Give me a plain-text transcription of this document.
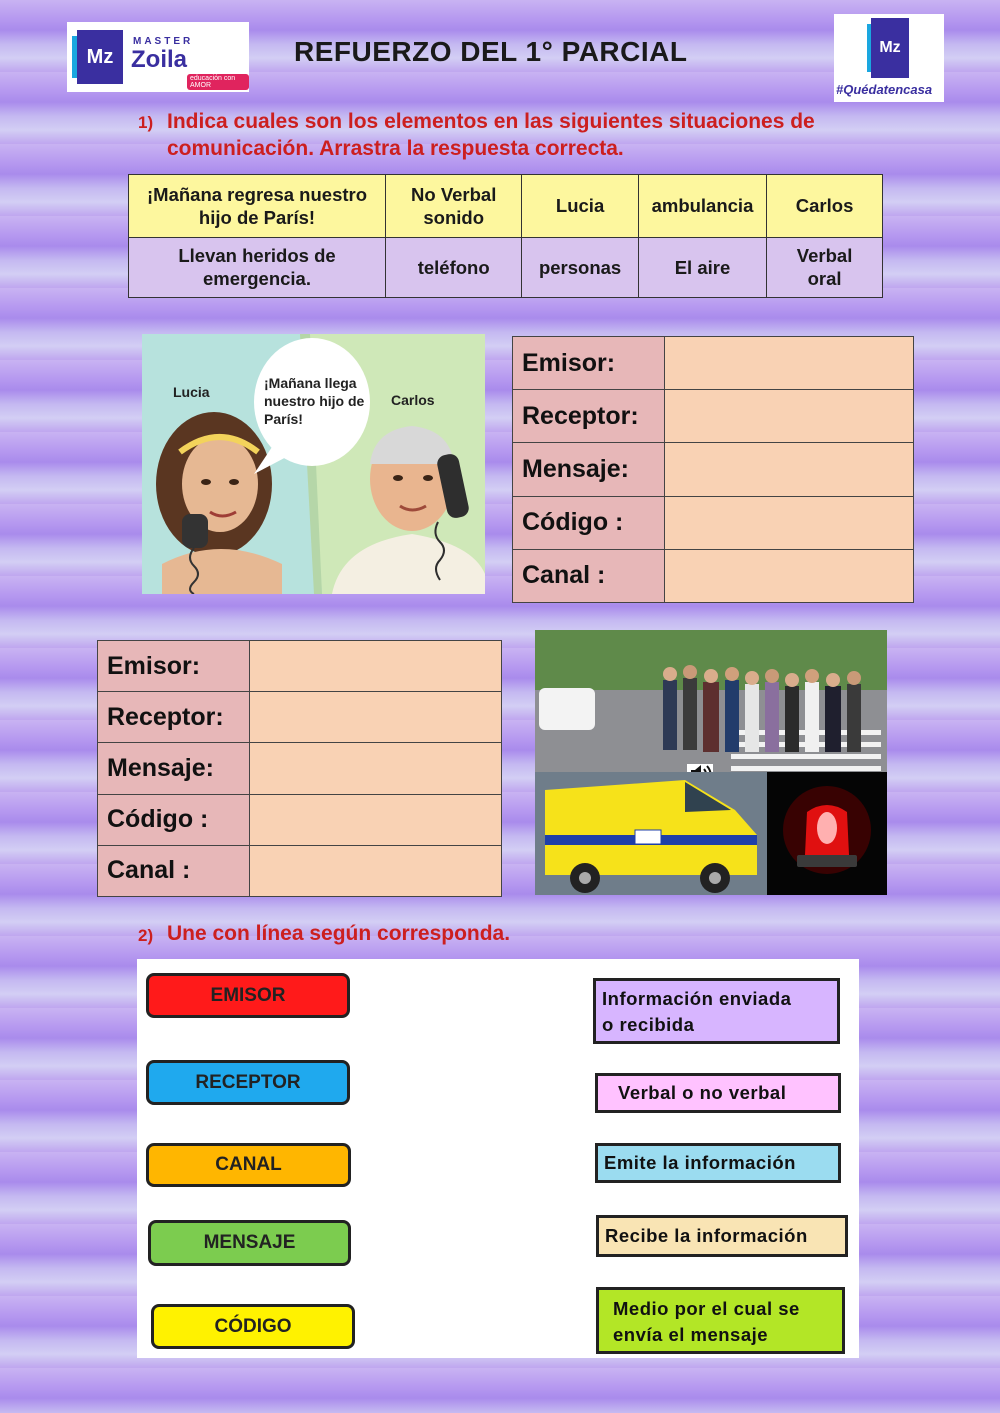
Mz
MASTER
Zoila
educación con AMOR
REFUERZO DEL 1° PARCIAL	Mz
#Quédatencasa
1) Indica cuales son los elementos en las siguientes situaciones de
comunicación. Arrastra la respuesta correcta.
¡Mañana regresa nuestro hijo de París!	No Verbal sonido	Lucia	ambulancia	Carlos
Llevan heridos de emergencia.	teléfono	personas	El aire	Verbal oral
Lucia	Carlos
¡Mañana llega nuestro hijo de París!
Emisor:	
Receptor:	
Mensaje:	
Código :	
Canal :	
Emisor:	
Receptor:	
Mensaje:	
Código :	
Canal :	
2) Une con línea según corresponda.
EMISOR
RECEPTOR
CANAL
MENSAJE
CÓDIGO
Información enviada
o recibida
Verbal o no verbal
Emite la información
Recibe la información
Medio por el cual se
envía el mensaje
